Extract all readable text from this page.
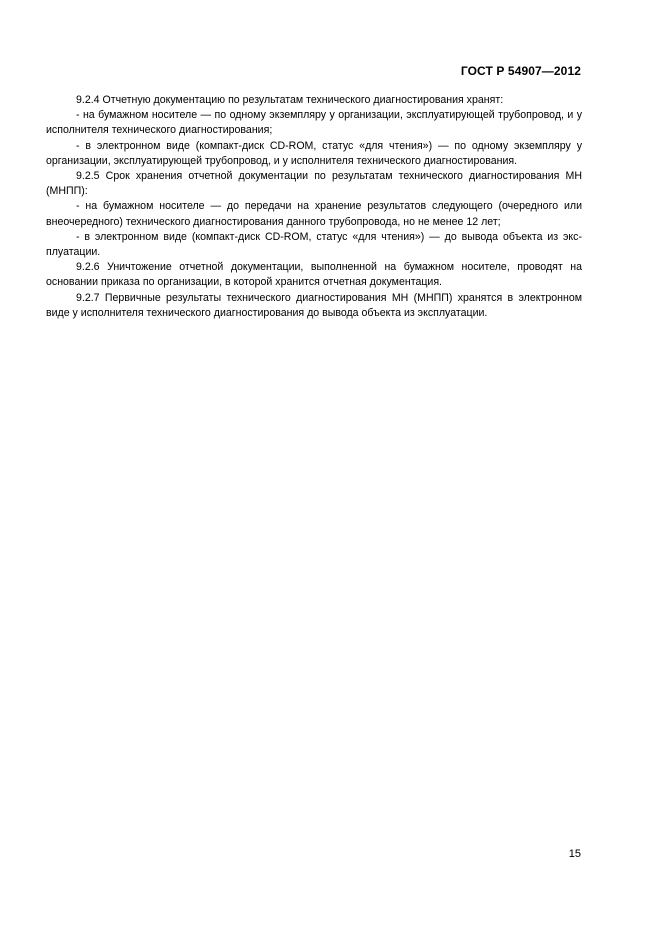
ГОСТ Р 54907—2012

9.2.4 Отчетную документацию по результатам технического диагностирования хранят:

- на бумажном носителе — по одному экземпляру у организации, эксплуатирующей трубопровод, и у исполнителя технического диагностирования;

- в электронном виде (компакт-диск CD-ROM, статус «для чтения») — по одному экземпляру у организации, эксплуатирующей трубопровод, и у исполнителя технического диагностирования.

9.2.5 Срок хранения отчетной документации по результатам технического диагностирования МН (МНПП):

- на бумажном носителе — до передачи на хранение результатов следующего (очередного или внеочередного) технического диагностирования данного трубопровода, но не менее 12 лет;

- в электронном виде (компакт-диск CD-ROM, статус «для чтения») — до вывода объекта из эксплуатации.

9.2.6 Уничтожение отчетной документации, выполненной на бумажном носителе, проводят на основании приказа по организации, в которой хранится отчетная документация.

9.2.7 Первичные результаты технического диагностирования МН (МНПП) хранятся в электронном виде у исполнителя технического диагностирования до вывода объекта из эксплуатации.

15
